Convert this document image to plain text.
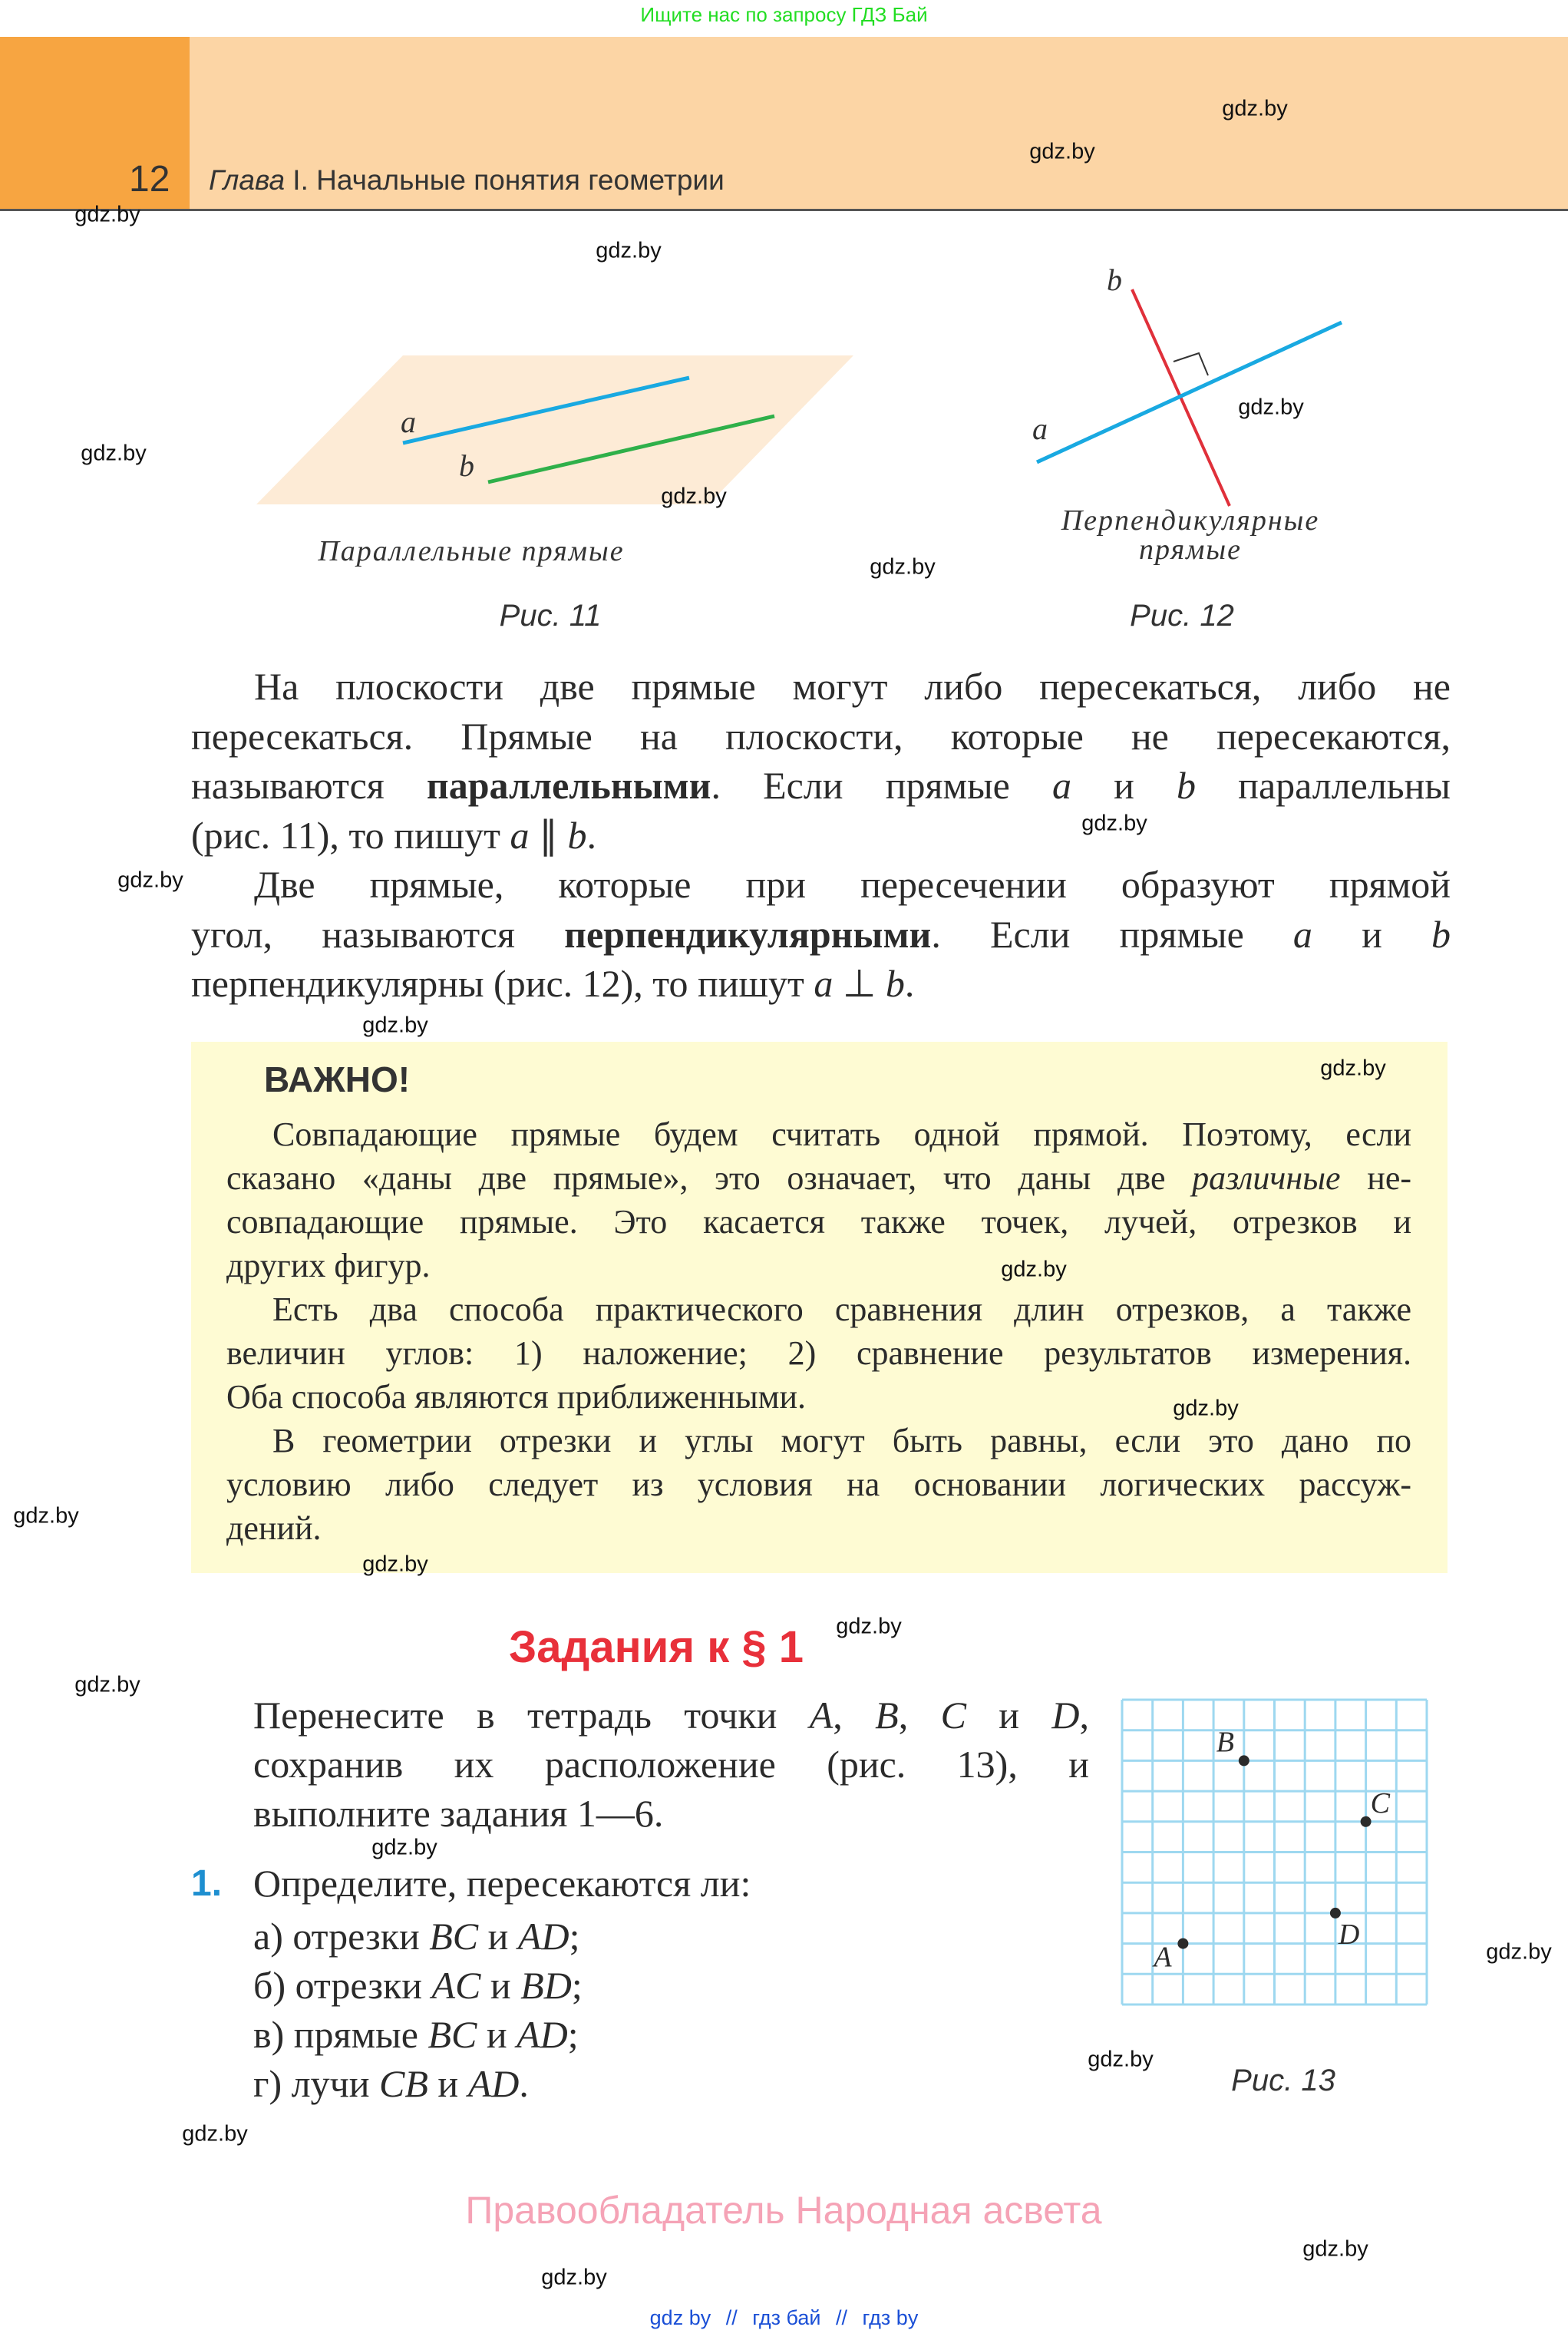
Ищите нас по запросу ГДЗ Бай
12 Глава I. Начальные понятия геометрии
a
b
b
a
Параллельные прямые
Рис. 11
Перпендикулярные
прямые
Рис. 12
На плоскости две прямые могут либо пересекаться, либо не
пересекаться. Прямые на плоскости, которые не пересекаются,
называются параллельными. Если прямые a и b параллельны
(рис. 11), то пишут a ∥ b.
Две прямые, которые при пересечении образуют прямой
угол, называются перпендикулярными. Если прямые a и b
перпендикулярны (рис. 12), то пишут a ⊥ b.
ВАЖНО!
Совпадающие прямые будем считать одной прямой. Поэтому, если
сказано «даны две прямые», это означает, что даны две различные не-
совпадающие прямые. Это касается также точек, лучей, отрезков и
других фигур.
Есть два способа практического сравнения длин отрезков, а также
величин углов: 1) наложение; 2) сравнение результатов измерения.
Оба способа являются приближенными.
В геометрии отрезки и углы могут быть равны, если это дано по
условию либо следует из условия на основании логических рассуж-
дений.
Задания к § 1
Перенесите в тетрадь точки A, B, C и D,
сохранив их расположение (рис. 13), и
выполните задания 1—6.
1. Определите, пересекаются ли:
а) отрезки BC и AD;
б) отрезки AC и BD;
в) прямые BC и AD;
г) лучи CB и AD.
A
B
C
D
Рис. 13
Правообладатель Народная асвета
gdz by // гдз бай // гдз by
gdz.by
gdz.by
gdz.by
gdz.by
gdz.by
gdz.by
gdz.by
gdz.by
gdz.by
gdz.by
gdz.by
gdz.by
gdz.by
gdz.by
gdz.by
gdz.by
gdz.by
gdz.by
gdz.by
gdz.by
gdz.by
gdz.by
gdz.by
gdz.by
